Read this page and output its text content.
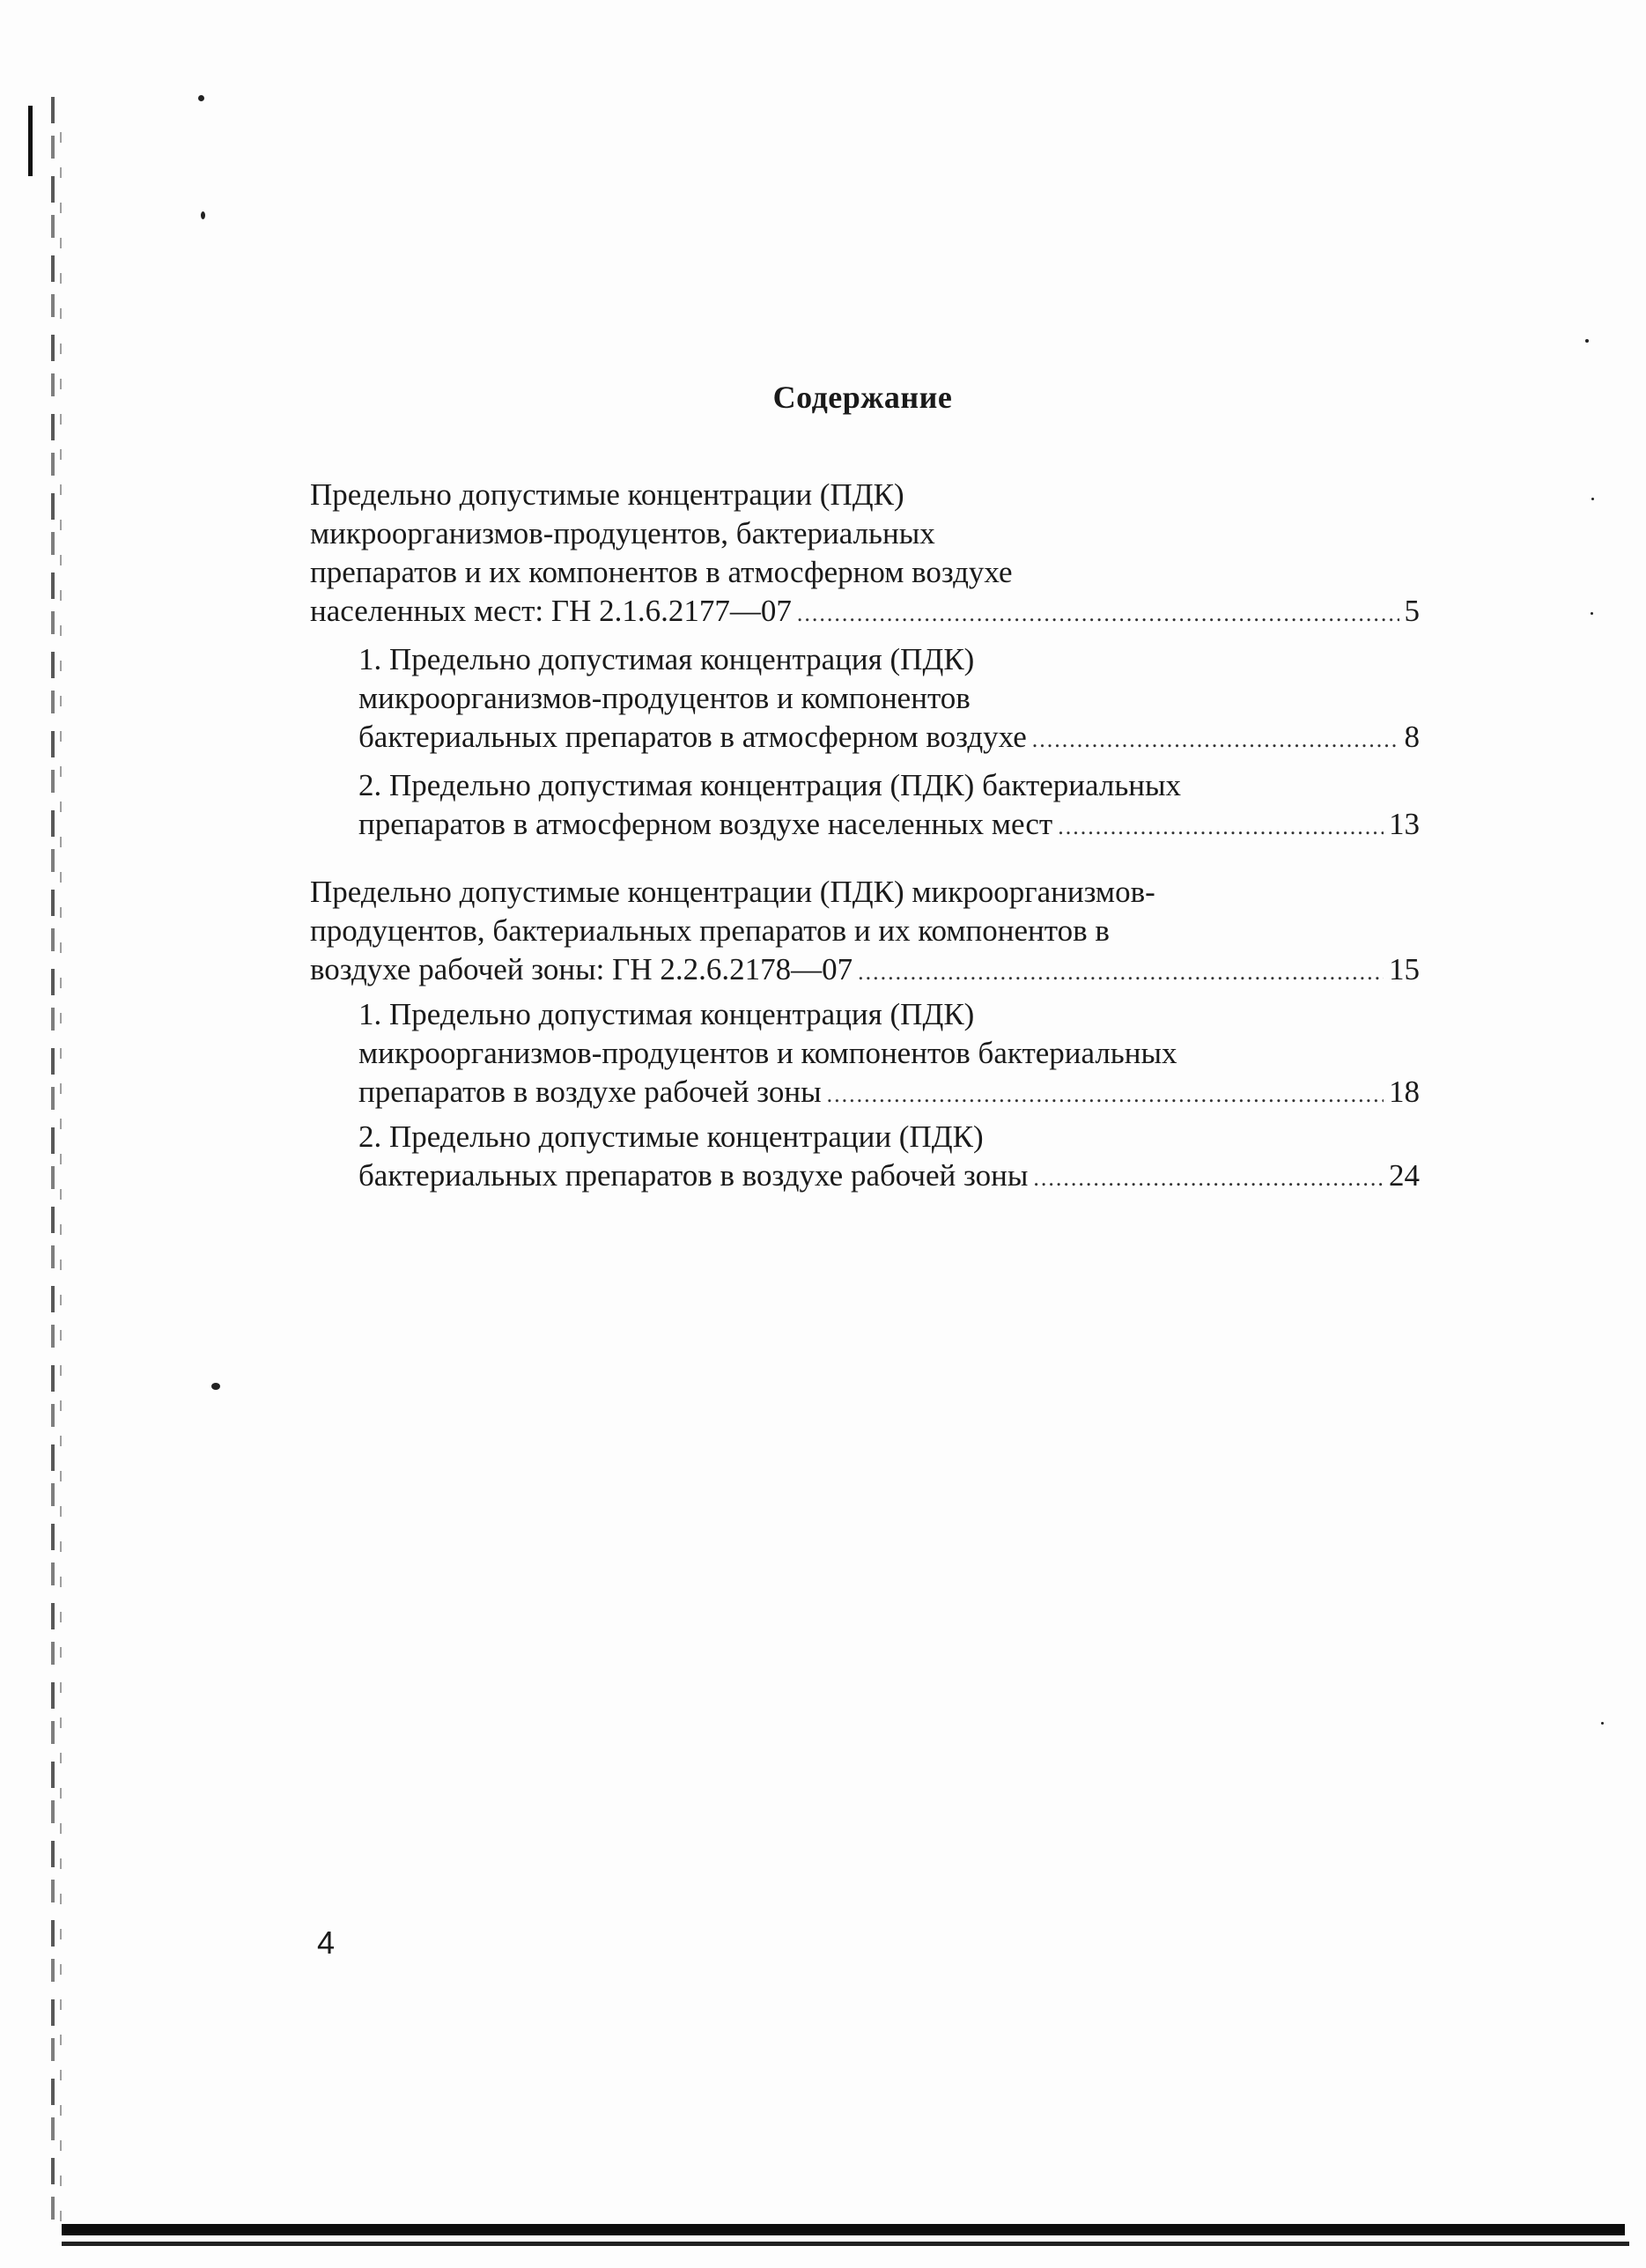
Содержание
Предельно допустимые концентрации (ПДК)
микроорганизмов-продуцентов, бактериальных
препаратов и их компонентов в атмосферном воздухе
населенных мест: ГН 2.1.6.2177—07 .....	5
1. Предельно допустимая концентрация (ПДК)
микроорганизмов-продуцентов и компонентов
бактериальных препаратов в атмосферном воздухе .....	8
2. Предельно допустимая концентрация (ПДК) бактериальных
препаратов в атмосферном воздухе населенных мест .....	13
Предельно допустимые концентрации (ПДК) микроорганизмов-
продуцентов, бактериальных препаратов и их компонентов в
воздухе рабочей зоны: ГН 2.2.6.2178—07 .....	15
1. Предельно допустимая концентрация (ПДК)
микроорганизмов-продуцентов и компонентов бактериальных
препаратов в воздухе рабочей зоны .....	18
2. Предельно допустимые концентрации (ПДК)
бактериальных препаратов в воздухе рабочей зоны .....	24
4
